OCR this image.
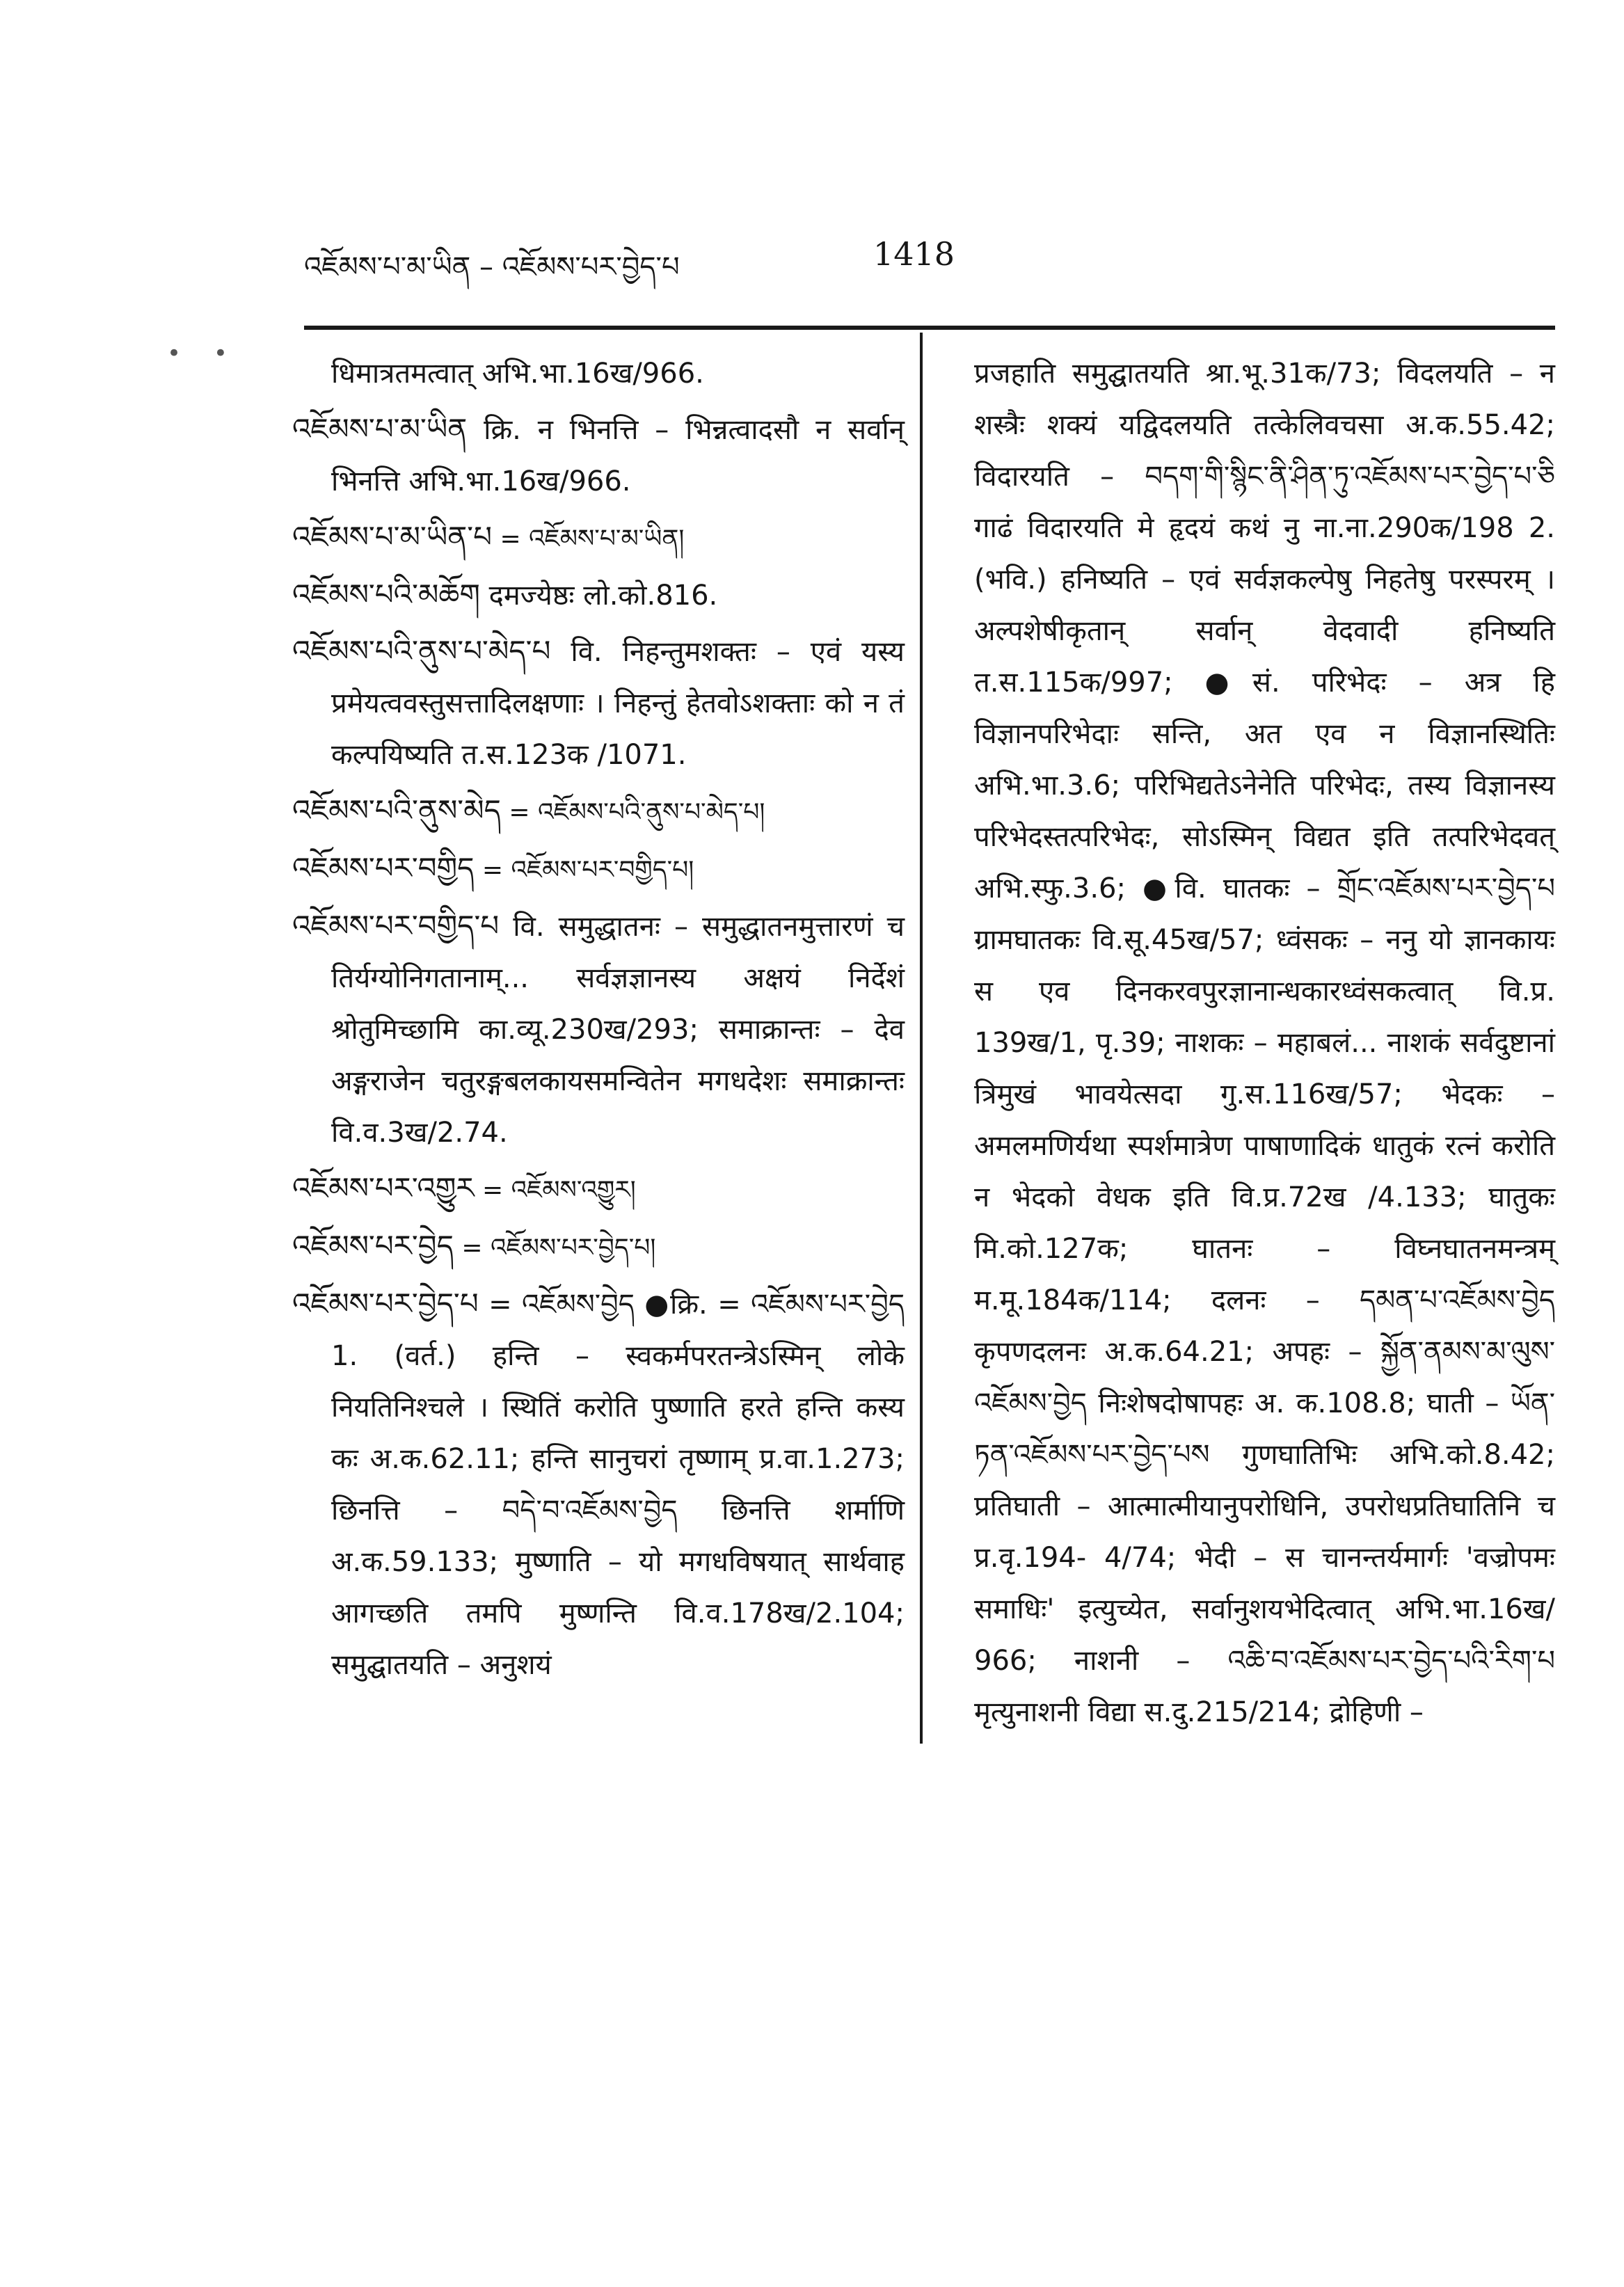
• •
འཇོམས་པ་མ་ཡིན – འཇོམས་པར་བྱེད་པ	1418

धिमात्रतमत्वात् अभि.भा.16ख/966.

འཇོམས་པ་མ་ཡིན क्रि. न भिनत्ति – भिन्नत्वादसौ न सर्वान् भिनत्ति अभि.भा.16ख/966.

འཇོམས་པ་མ་ཡིན་པ = འཇོམས་པ་མ་ཡིན།

འཇོམས་པའི་མཆོག दमज्येष्ठः लो.को.816.

འཇོམས་པའི་ནུས་པ་མེད་པ वि. निहन्तुमशक्तः – एवं यस्य प्रमेयत्ववस्तुसत्तादिलक्षणाः । निहन्तुं हेतवोऽशक्ताः को न तं कल्पयिष्यति त.स.123क /1071.

འཇོམས་པའི་ནུས་མེད = འཇོམས་པའི་ནུས་པ་མེད་པ།

འཇོམས་པར་བགྱིད = འཇོམས་པར་བགྱིད་པ།

འཇོམས་པར་བགྱིད་པ वि. समुद्धातनः – समुद्धातनमुत्तारणं च तिर्यग्योनिगतानाम्... सर्वज्ञज्ञानस्य अक्षयं निर्देशं श्रोतुमिच्छामि का.व्यू.230ख/293; समाक्रान्तः – देव अङ्गराजेन चतुरङ्गबलकायसमन्वितेन मगधदेशः समाक्रान्तः वि.व.3ख/2.74.

འཇོམས་པར་འགྱུར = འཇོམས་འགྱུར།

འཇོམས་པར་བྱེད = འཇོམས་པར་བྱེད་པ།

འཇོམས་པར་བྱེད་པ = འཇོམས་བྱེད ●क्रि. = འཇོམས་པར་བྱེད 1. (वर्त.) हन्ति – स्वकर्मपरतन्त्रेऽस्मिन् लोके नियतिनिश्चले । स्थितिं करोति पुष्णाति हरते हन्ति कस्य कः अ.क.62.11; हन्ति सानुचरां तृष्णाम् प्र.वा.1.273; छिनत्ति – བདེ་བ་འཇོམས་བྱེད छिनत्ति शर्माणि अ.क.59.133; मुष्णाति – यो मगधविषयात् सार्थवाह आगच्छति तमपि मुष्णन्ति वि.व.178ख/2.104; समुद्घातयति – अनुशयं

प्रजहाति समुद्घातयति श्रा.भू.31क/73; विदलयति – न शस्त्रैः शक्यं यद्विदलयति तत्केलिवचसा अ.क.55.42; विदारयति – བདག་གི་སྙིང་ནི་ཤིན་ཏུ་འཇོམས་པར་བྱེད་པ་ཅི गाढं विदारयति मे हृदयं कथं नु ना.ना.290क/198 2. (भवि.) हनिष्यति – एवं सर्वज्ञकल्पेषु निहतेषु परस्परम् । अल्पशेषीकृतान् सर्वान् वेदवादी हनिष्यति त.स.115क/997; ●सं. परिभेदः – अत्र हि विज्ञानपरिभेदाः सन्ति, अत एव न विज्ञानस्थितिः अभि.भा.3.6; परिभिद्यतेऽनेनेति परिभेदः, तस्य विज्ञानस्य परिभेदस्तत्परिभेदः, सोऽस्मिन् विद्यत इति तत्परिभेदवत् अभि.स्फु.3.6; ●वि. घातकः – གྲོང་འཇོམས་པར་བྱེད་པ ग्रामघातकः वि.सू.45ख/57; ध्वंसकः – ननु यो ज्ञानकायः स एव दिनकरवपुरज्ञानान्धकारध्वंसकत्वात् वि.प्र. 139ख/1, पृ.39; नाशकः – महाबलं... नाशकं सर्वदुष्टानां त्रिमुखं भावयेत्सदा गु.स.116ख/57; भेदकः – अमलमणिर्यथा स्पर्शमात्रेण पाषाणादिकं धातुकं रत्नं करोति न भेदको वेधक इति वि.प्र.72ख /4.133; घातुकः मि.को.127क; घातनः – विघ्नघातनमन्त्रम् म.मू.184क/114; दलनः – དམན་པ་འཇོམས་བྱེད कृपणदलनः अ.क.64.21; अपहः – སྐྱོན་ནམས་མ་ལུས་འཇོམས་བྱེད निःशेषदोषापहः अ. क.108.8; घाती – ཡོན་ཏན་འཇོམས་པར་བྱེད་པས गुणघातिभिः अभि.को.8.42; प्रतिघाती – आत्मात्मीयानुपरोधिनि, उपरोधप्रतिघातिनि च प्र.वृ.194- 4/74; भेदी – स चानन्तर्यमार्गः 'वज्रोपमः समाधिः' इत्युच्येत, सर्वानुशयभेदित्वात् अभि.भा.16ख/ 966; नाशनी – འཆི་བ་འཇོམས་པར་བྱེད་པའི་རིག་པ मृत्युनाशनी विद्या स.दु.215/214; द्रोहिणी –
